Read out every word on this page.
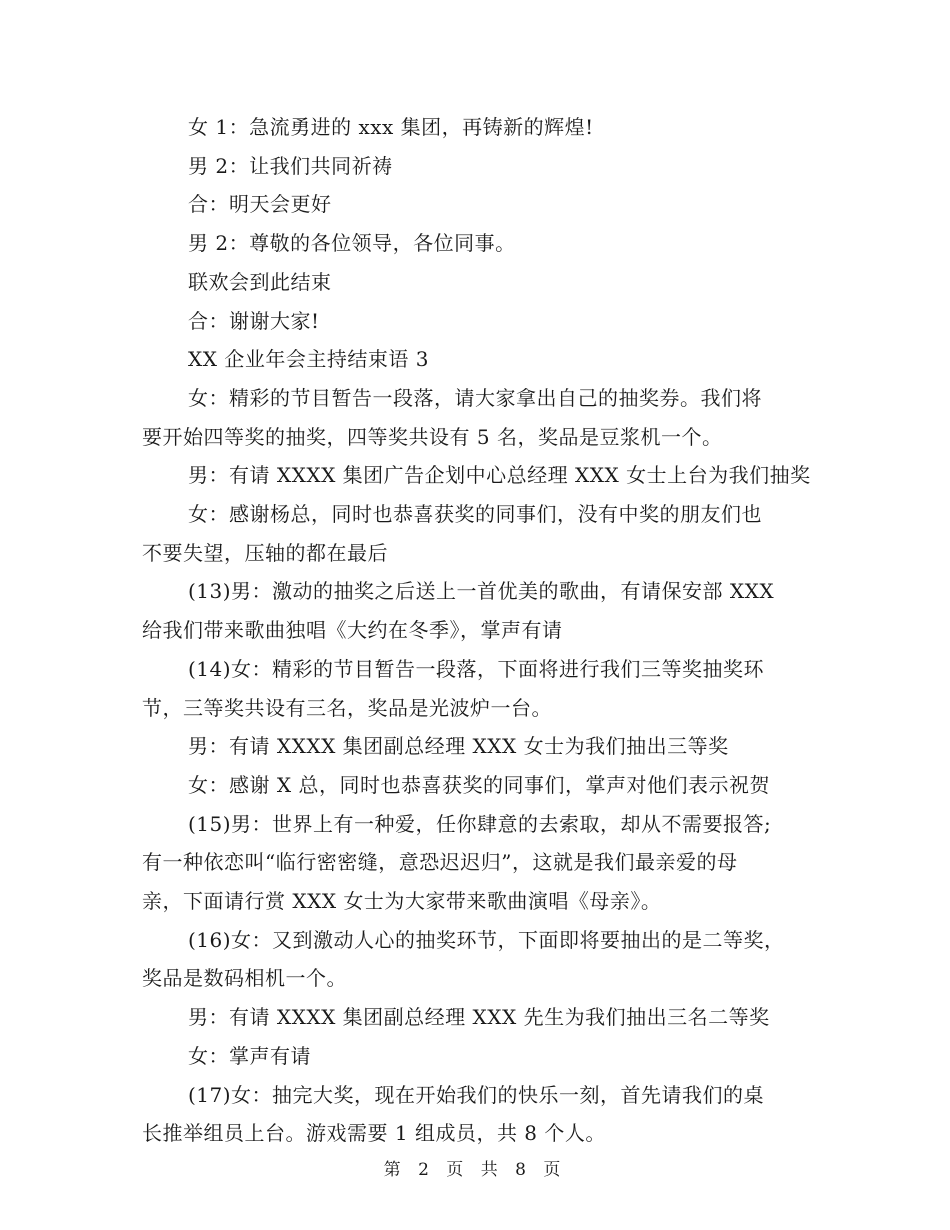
女 1：急流勇进的 xxx 集团，再铸新的辉煌!

男 2：让我们共同祈祷

合：明天会更好

男 2：尊敬的各位领导，各位同事。

联欢会到此结束

合：谢谢大家!

XX 企业年会主持结束语 3

女：精彩的节目暂告一段落，请大家拿出自己的抽奖券。我们将

要开始四等奖的抽奖，四等奖共设有 5 名，奖品是豆浆机一个。

男：有请 XXXX 集团广告企划中心总经理 XXX 女士上台为我们抽奖

女：感谢杨总，同时也恭喜获奖的同事们，没有中奖的朋友们也

不要失望，压轴的都在最后

(13)男：激动的抽奖之后送上一首优美的歌曲，有请保安部 XXX

给我们带来歌曲独唱《大约在冬季》，掌声有请

(14)女：精彩的节目暂告一段落，下面将进行我们三等奖抽奖环

节，三等奖共设有三名，奖品是光波炉一台。

男：有请 XXXX 集团副总经理 XXX 女士为我们抽出三等奖

女：感谢 X 总，同时也恭喜获奖的同事们，掌声对他们表示祝贺

(15)男：世界上有一种爱，任你肆意的去索取，却从不需要报答;

有一种依恋叫“临行密密缝，意恐迟迟归”，这就是我们最亲爱的母

亲，下面请行赏 XXX 女士为大家带来歌曲演唱《母亲》。

(16)女：又到激动人心的抽奖环节，下面即将要抽出的是二等奖，

奖品是数码相机一个。

男：有请 XXXX 集团副总经理 XXX 先生为我们抽出三名二等奖

女：掌声有请

(17)女：抽完大奖，现在开始我们的快乐一刻，首先请我们的桌

长推举组员上台。游戏需要 1 组成员，共 8 个人。

第 2 页 共 8 页
